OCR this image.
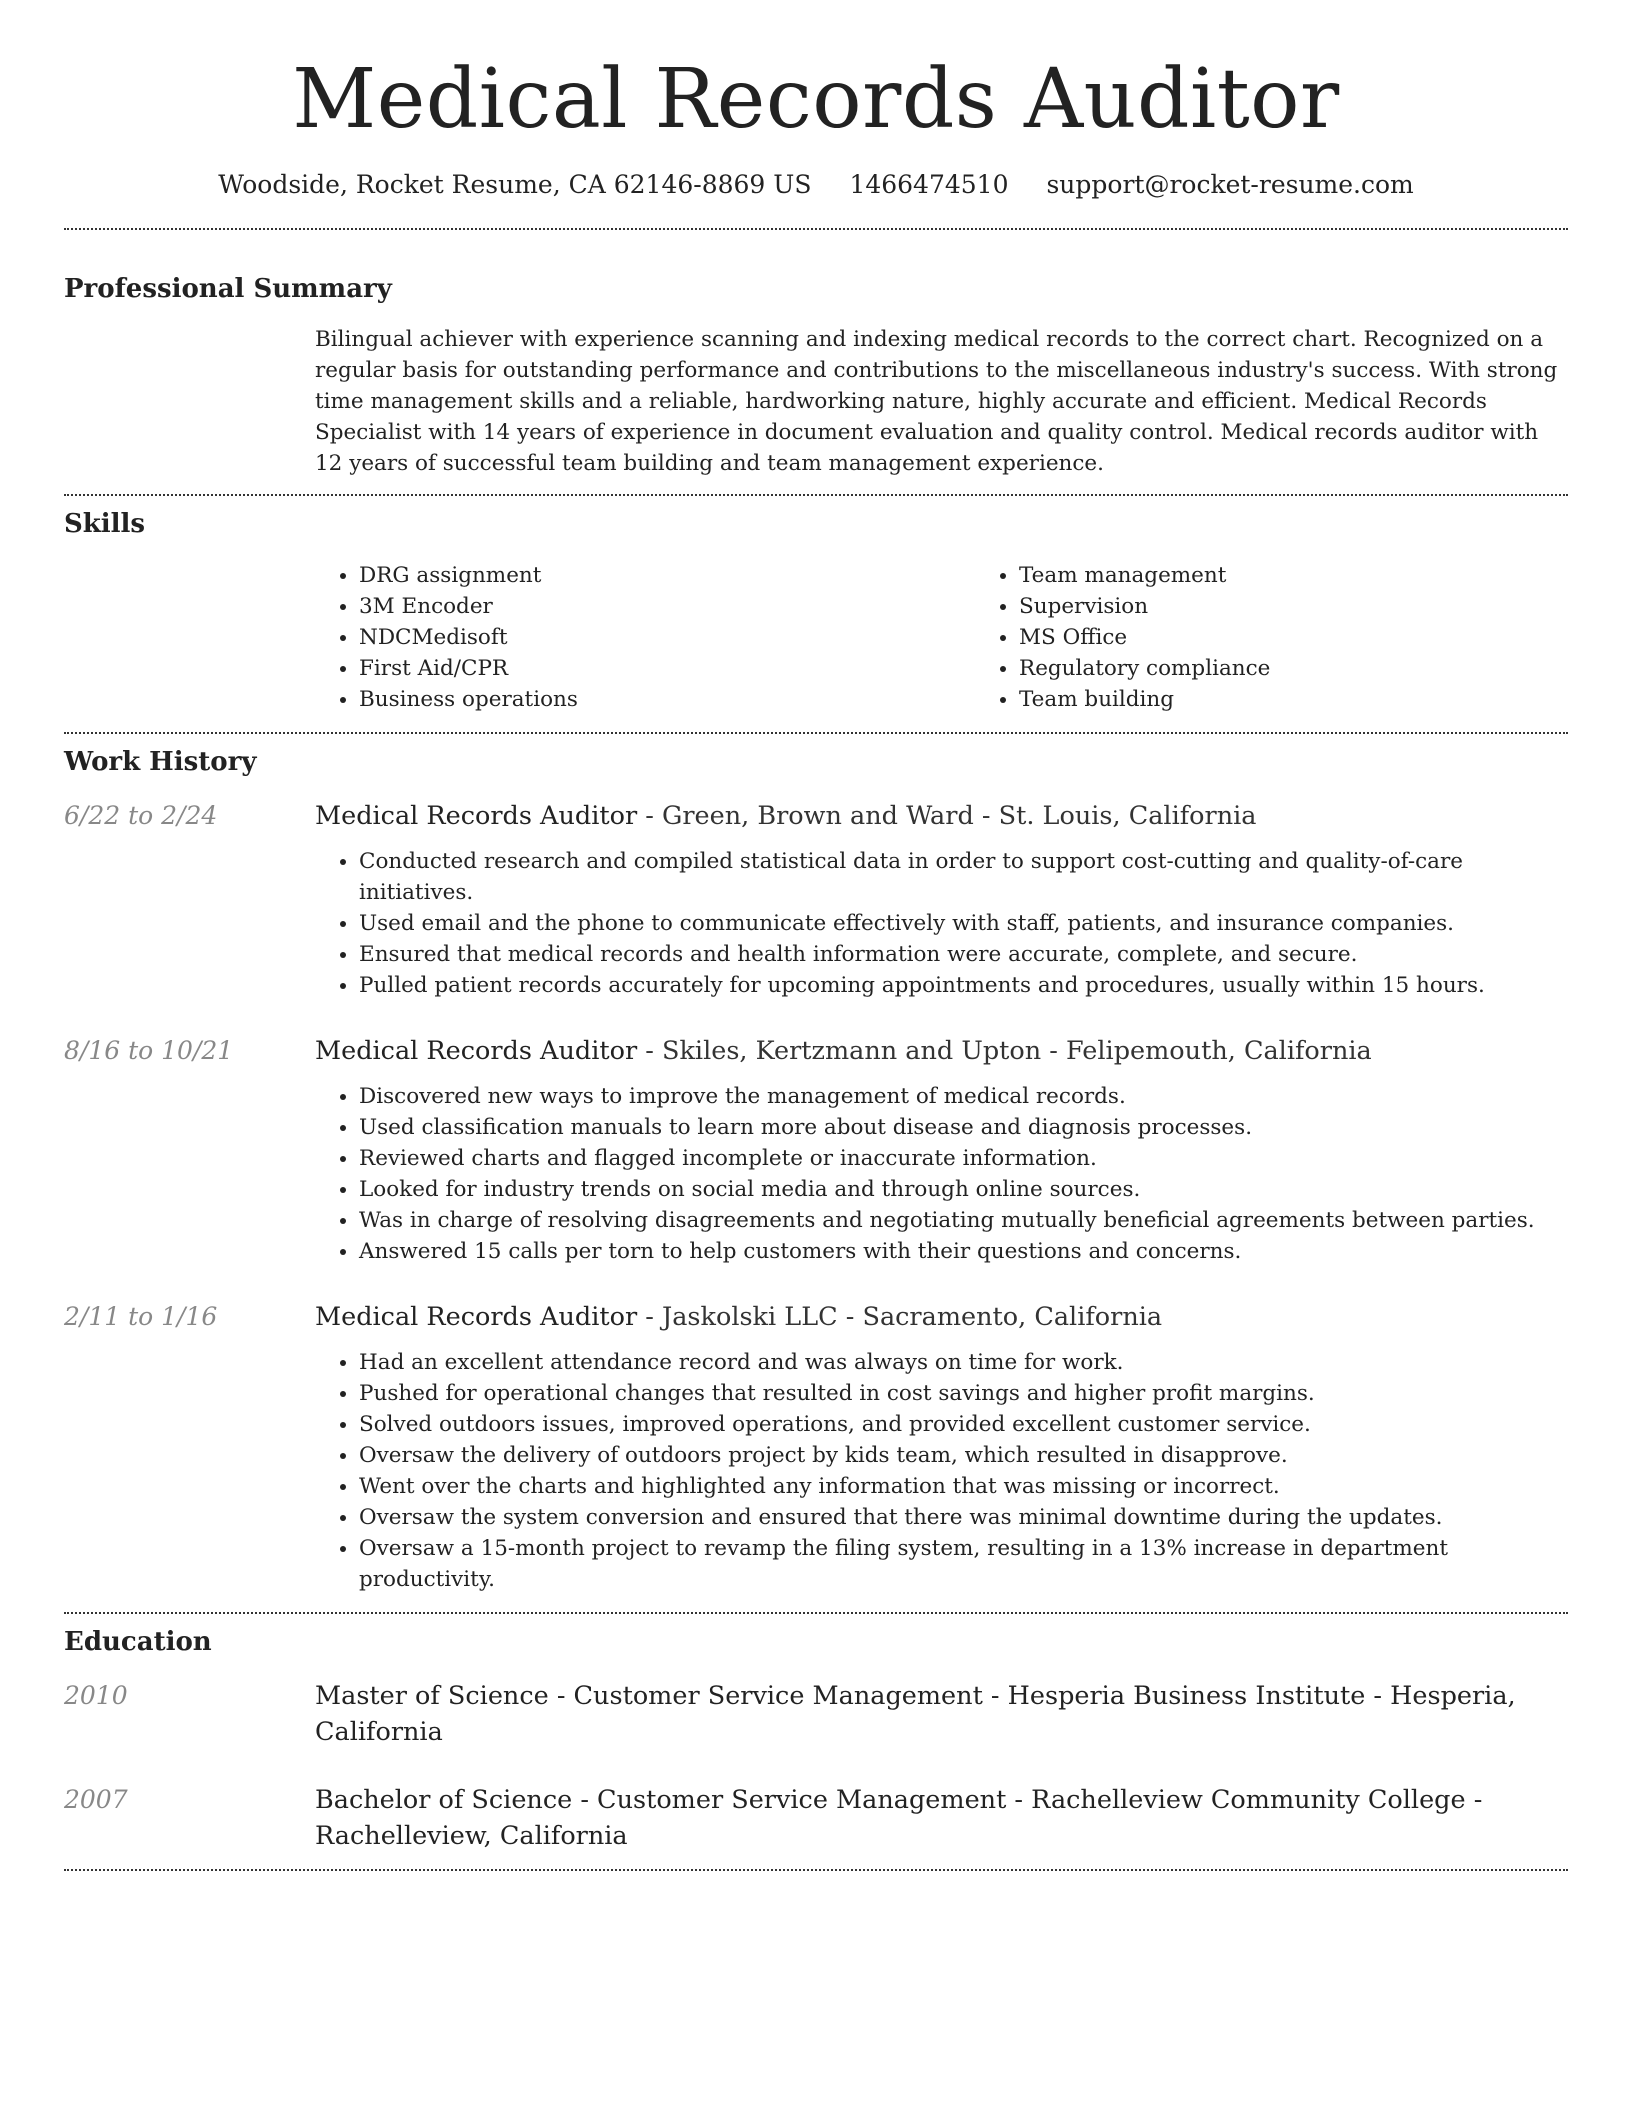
Medical Records Auditor
Woodside, Rocket Resume, CA 62146-8869 US 1466474510 support@rocket-resume.com
Professional Summary

Bilingual achiever with experience scanning and indexing medical records to the correct chart. Recognized on a regular basis for outstanding performance and contributions to the miscellaneous industry's success. With strong time management skills and a reliable, hardworking nature, highly accurate and efficient. Medical Records Specialist with 14 years of experience in document evaluation and quality control. Medical records auditor with 12 years of successful team building and team management experience.

Skills
• DRG assignment
• 3M Encoder
• NDCMedisoft
• First Aid/CPR
• Business operations
• Team management
• Supervision
• MS Office
• Regulatory compliance
• Team building
Work History
6/22 to 2/24	Medical Records Auditor - Green, Brown and Ward - St. Louis, California
• Conducted research and compiled statistical data in order to support cost-cutting and quality-of-care initiatives.
• Used email and the phone to communicate effectively with staff, patients, and insurance companies.
• Ensured that medical records and health information were accurate, complete, and secure.
• Pulled patient records accurately for upcoming appointments and procedures, usually within 15 hours.
8/16 to 10/21	Medical Records Auditor - Skiles, Kertzmann and Upton - Felipemouth, California
• Discovered new ways to improve the management of medical records.
• Used classification manuals to learn more about disease and diagnosis processes.
• Reviewed charts and flagged incomplete or inaccurate information.
• Looked for industry trends on social media and through online sources.
• Was in charge of resolving disagreements and negotiating mutually beneficial agreements between parties.
• Answered 15 calls per torn to help customers with their questions and concerns.
2/11 to 1/16	Medical Records Auditor - Jaskolski LLC - Sacramento, California
• Had an excellent attendance record and was always on time for work.
• Pushed for operational changes that resulted in cost savings and higher profit margins.
• Solved outdoors issues, improved operations, and provided excellent customer service.
• Oversaw the delivery of outdoors project by kids team, which resulted in disapprove.
• Went over the charts and highlighted any information that was missing or incorrect.
• Oversaw the system conversion and ensured that there was minimal downtime during the updates.
• Oversaw a 15-month project to revamp the filing system, resulting in a 13% increase in department productivity.
Education
2010	Master of Science - Customer Service Management - Hesperia Business Institute - Hesperia, California
2007	Bachelor of Science - Customer Service Management - Rachelleview Community College - Rachelleview, California
